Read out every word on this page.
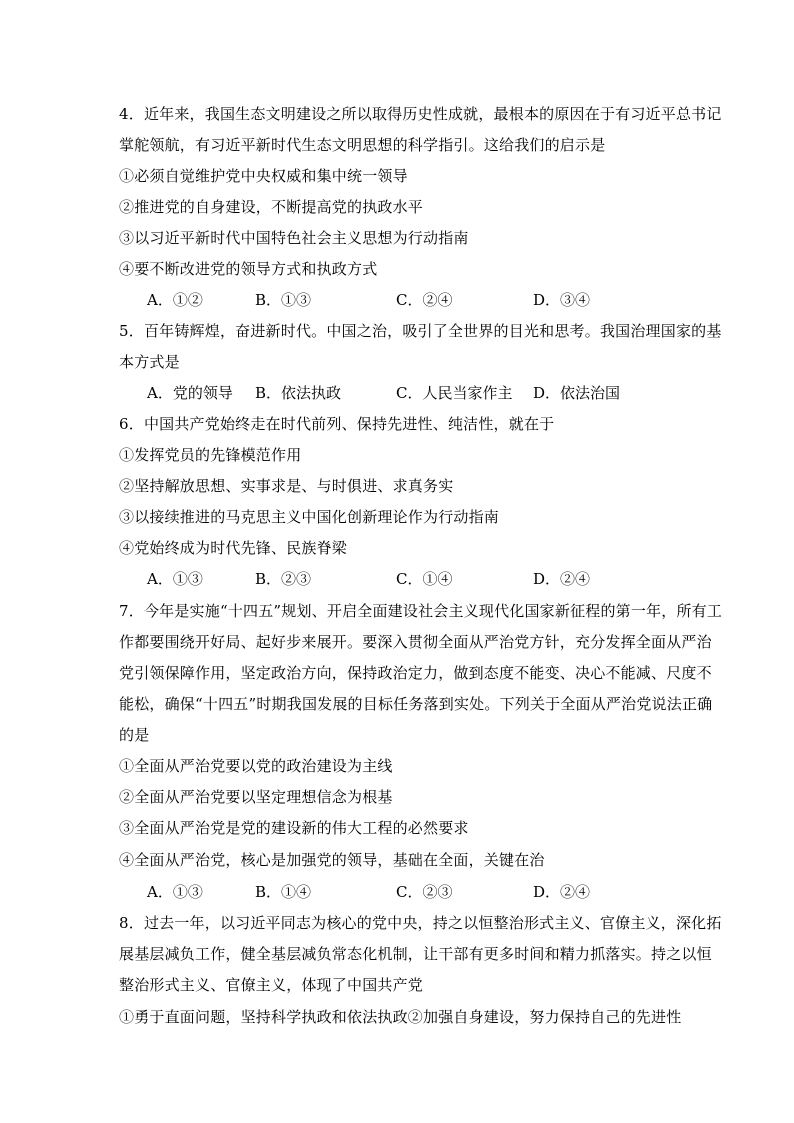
4．近年来，我国生态文明建设之所以取得历史性成就，最根本的原因在于有习近平总书记
掌舵领航，有习近平新时代生态文明思想的科学指引。这给我们的启示是
①必须自觉维护党中央权威和集中统一领导
②推进党的自身建设，不断提高党的执政水平
③以习近平新时代中国特色社会主义思想为行动指南
④要不断改进党的领导方式和执政方式
A．①②	B．①③	C．②④	D．③④
5．百年铸辉煌，奋进新时代。中国之治，吸引了全世界的目光和思考。我国治理国家的基
本方式是
A．党的领导 B．依法执政	C．人民当家作主 D．依法治国
6．中国共产党始终走在时代前列、保持先进性、纯洁性，就在于
①发挥党员的先锋模范作用
②坚持解放思想、实事求是、与时俱进、求真务实
③以接续推进的马克思主义中国化创新理论作为行动指南
④党始终成为时代先锋、民族脊梁
A．①③	B．②③	C．①④	D．②④
7．今年是实施“十四五”规划、开启全面建设社会主义现代化国家新征程的第一年，所有工
作都要围绕开好局、起好步来展开。要深入贯彻全面从严治党方针，充分发挥全面从严治
党引领保障作用，坚定政治方向，保持政治定力，做到态度不能变、决心不能减、尺度不
能松，确保“十四五”时期我国发展的目标任务落到实处。下列关于全面从严治党说法正确
的是
①全面从严治党要以党的政治建设为主线
②全面从严治党要以坚定理想信念为根基
③全面从严治党是党的建设新的伟大工程的必然要求
④全面从严治党，核心是加强党的领导，基础在全面，关键在治
A．①③	B．①④	C．②③	D．②④
8．过去一年，以习近平同志为核心的党中央，持之以恒整治形式主义、官僚主义，深化拓
展基层减负工作，健全基层减负常态化机制，让干部有更多时间和精力抓落实。持之以恒
整治形式主义、官僚主义，体现了中国共产党
①勇于直面问题，坚持科学执政和依法执政②加强自身建设，努力保持自己的先进性
